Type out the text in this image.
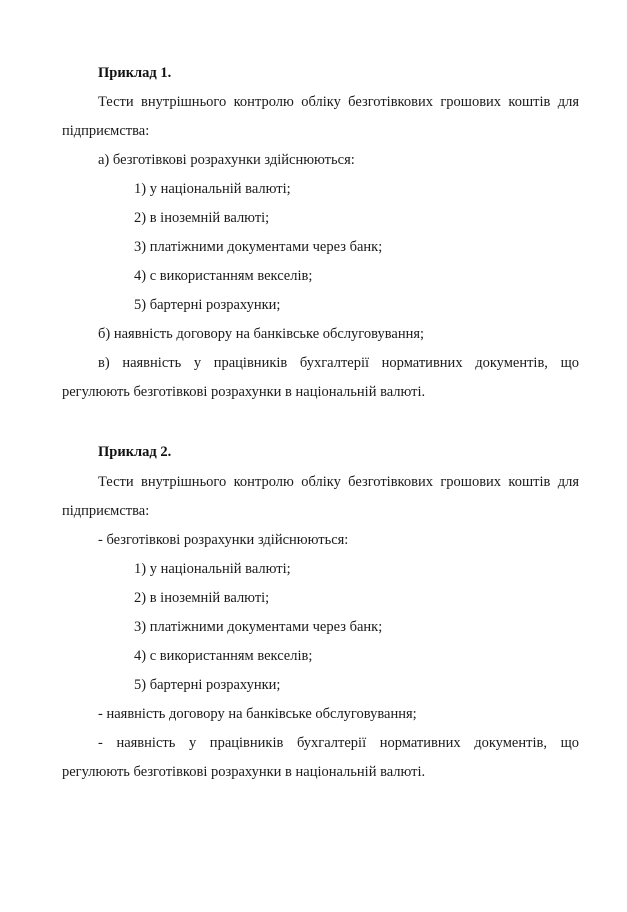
Приклад 1.

Тести внутрішнього контролю обліку безготівкових грошових коштів для підприємства:

а) безготівкові розрахунки здійснюються:

1) у національній валюті;

2) в іноземній валюті;

3) платіжними документами через банк;

4) с використанням векселів;

5) бартерні розрахунки;

б) наявність договору на банківське обслуговування;

в) наявність у працівників бухгалтерії нормативних документів, що регулюють безготівкові розрахунки в національній валюті.

Приклад 2.

Тести внутрішнього контролю обліку безготівкових грошових коштів для підприємства:

- безготівкові розрахунки здійснюються:

1) у національній валюті;

2) в іноземній валюті;

3) платіжними документами через банк;

4) с використанням векселів;

5) бартерні розрахунки;

- наявність договору на банківське обслуговування;

- наявність у працівників бухгалтерії нормативних документів, що регулюють безготівкові розрахунки в національній валюті.
